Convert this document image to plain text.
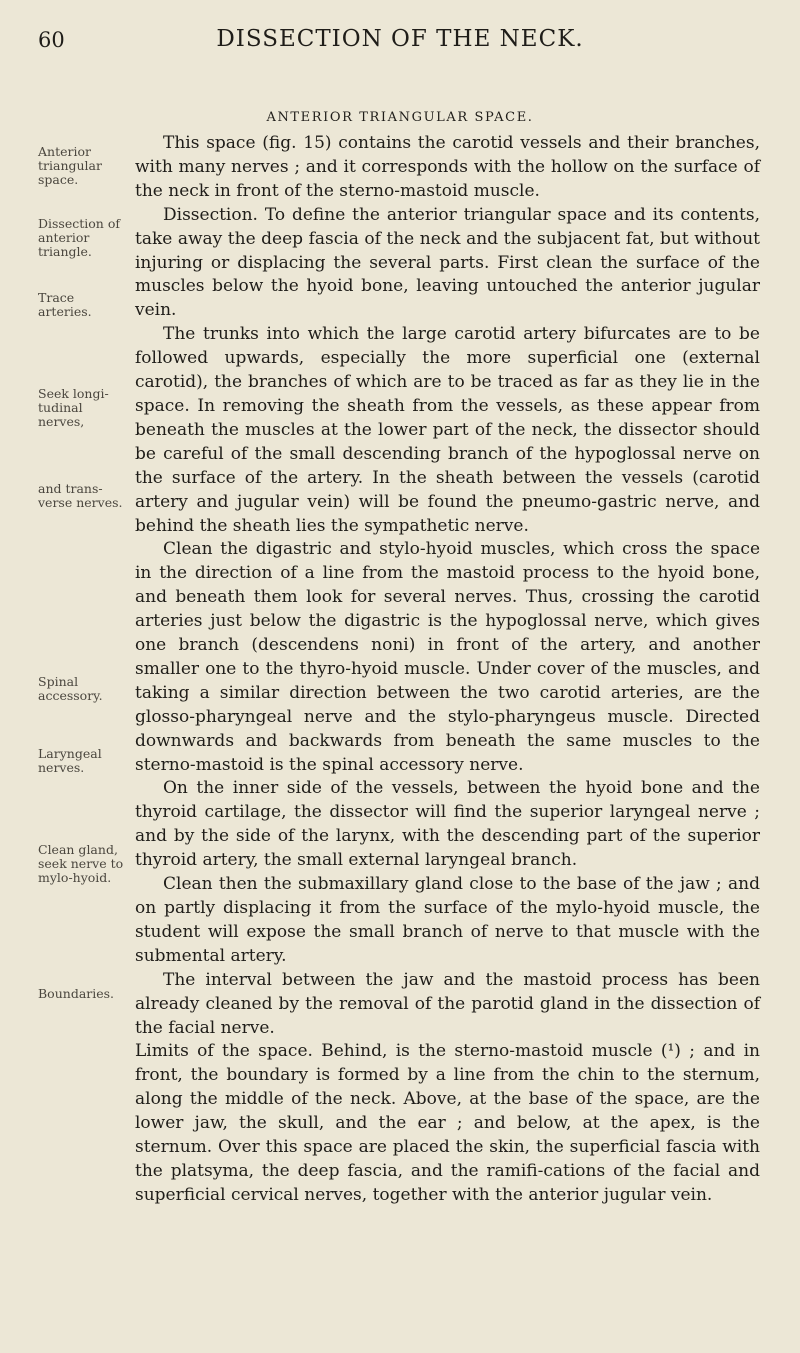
60	DISSECTION OF THE NECK.
ANTERIOR TRIANGULAR SPACE.
Anterior triangular space.
Dissection of anterior triangle.
Trace arteries.
Seek longi-tudinal nerves,
and trans-verse nerves.
Spinal accessory.
Laryngeal nerves.
Clean gland, seek nerve to mylo-hyoid.
Boundaries.

This space (fig. 15) contains the carotid vessels and their branches, with many nerves ; and it corresponds with the hollow on the surface of the neck in front of the sterno-mastoid muscle.

Dissection. To define the anterior triangular space and its contents, take away the deep fascia of the neck and the subjacent fat, but without injuring or displacing the several parts. First clean the surface of the muscles below the hyoid bone, leaving untouched the anterior jugular vein.

The trunks into which the large carotid artery bifurcates are to be followed upwards, especially the more superficial one (external carotid), the branches of which are to be traced as far as they lie in the space. In removing the sheath from the vessels, as these appear from beneath the muscles at the lower part of the neck, the dissector should be careful of the small descending branch of the hypoglossal nerve on the surface of the artery. In the sheath between the vessels (carotid artery and jugular vein) will be found the pneumo-gastric nerve, and behind the sheath lies the sympathetic nerve.

Clean the digastric and stylo-hyoid muscles, which cross the space in the direction of a line from the mastoid process to the hyoid bone, and beneath them look for several nerves. Thus, crossing the carotid arteries just below the digastric is the hypoglossal nerve, which gives one branch (descendens noni) in front of the artery, and another smaller one to the thyro-hyoid muscle. Under cover of the muscles, and taking a similar direction between the two carotid arteries, are the glosso-pharyngeal nerve and the stylo-pharyngeus muscle. Directed downwards and backwards from beneath the same muscles to the sterno-mastoid is the spinal accessory nerve.

On the inner side of the vessels, between the hyoid bone and the thyroid cartilage, the dissector will find the superior laryngeal nerve ; and by the side of the larynx, with the descending part of the superior thyroid artery, the small external laryngeal branch.

Clean then the submaxillary gland close to the base of the jaw ; and on partly displacing it from the surface of the mylo-hyoid muscle, the student will expose the small branch of nerve to that muscle with the submental artery.

The interval between the jaw and the mastoid process has been already cleaned by the removal of the parotid gland in the dissection of the facial nerve.

Limits of the space. Behind, is the sterno-mastoid muscle (¹) ; and in front, the boundary is formed by a line from the chin to the sternum, along the middle of the neck. Above, at the base of the space, are the lower jaw, the skull, and the ear ; and below, at the apex, is the sternum. Over this space are placed the skin, the superficial fascia with the platsyma, the deep fascia, and the ramifi-cations of the facial and superficial cervical nerves, together with the anterior jugular vein.
